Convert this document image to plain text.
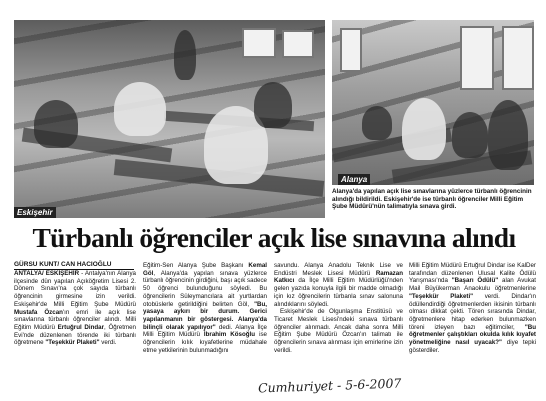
Eskişehir
Alanya
Alanya'da yapılan açık lise sınavlarına yüzlerce türbanlı öğrencinin alındığı bildirildi. Eskişehir'de ise türbanlı öğrenciler Milli Eğitim Şube Müdürü'nün talimatıyla sınava girdi.
Türbanlı öğrenciler açık lise sınavına alındı
GÜRSU KUNT/ CAN HACIOĞLU
ANTALYA/ ESKİŞEHİR - Antalya'nın Alanya ilçesinde dün yapılan Açıköğretim Lisesi 2. Dönem Sınavı'na çok sayıda türbanlı öğrencinin girmesine izin verildi. Eskişehir'de Milli Eğitim Şube Müdürü Mustafa Özcan'ın emri ile açık lise sınavlarına türbanlı öğrenciler alındı. Milli Eğitim Müdürü Ertuğrul Dindar, Öğretmen Evi'nde düzenlenen törende iki türbanlı öğretmene "Teşekkür Plaketi" verdi.
Eğitim-Sen Alanya Şube Başkanı Kemal Göl, Alanya'da yapılan sınava yüzlerce türbanlı öğrencinin girdiğini, başı açık sadece 50 öğrenci bulunduğunu söyledi. Bu öğrencilerin Süleymancılara ait yurtlardan otobüslerle getirildiğini belirten Göl, "Bu, yasaya aykırı bir durum. Gerici yapılanmanın bir göstergesi. Alanya'da bilinçli olarak yapılıyor" dedi. Alanya İlçe Milli Eğitim Müdürü İbrahim Kösoğlu ise öğrencilerin kılık kıyafetlerine müdahale etme yetkilerinin bulunmadığını

savundu. Alanya Anadolu Teknik Lise ve Endüstri Meslek Lisesi Müdürü Ramazan Katkıcı da İlçe Milli Eğitim Müdürlüğü'nden gelen yazıda konuyla ilgili bir madde olmadığı için kız öğrencilerin türbanla sınav salonuna alındıklarını söyledi.

Eskişehir'de de Olgunlaşma Enstitüsü ve Ticaret Meslek Lisesi'ndeki sınava türbanlı öğrenciler alınmadı. Ancak daha sonra Milli Eğitim Şube Müdürü Özcan'ın talimatı ile öğrencilerin sınava alınması için emirlerine izin verildi.

Milli Eğitim Müdürü Ertuğrul Dindar ise KalDer tarafından düzenlenen Ulusal Kalite Ödülü Yarışması'nda "Başarı Ödülü" alan Avukat Mail Büyükerman Anaokulu öğretmenlerine "Teşekkür Plaketi" verdi. Dindar'ın ödüllendirdiği öğretmenlerden ikisinin türbanlı olması dikkat çekti. Tören sırasında Dindar, öğretmenlere hitap ederken bulunmazken töreni izleyen bazı eğitimciler, "Bu öğretmenler çalıştıkları okulda kılık kıyafet yönetmeliğine nasıl uyacak?" diye tepki gösterdiler.
Cumhuriyet - 5-6-2007
